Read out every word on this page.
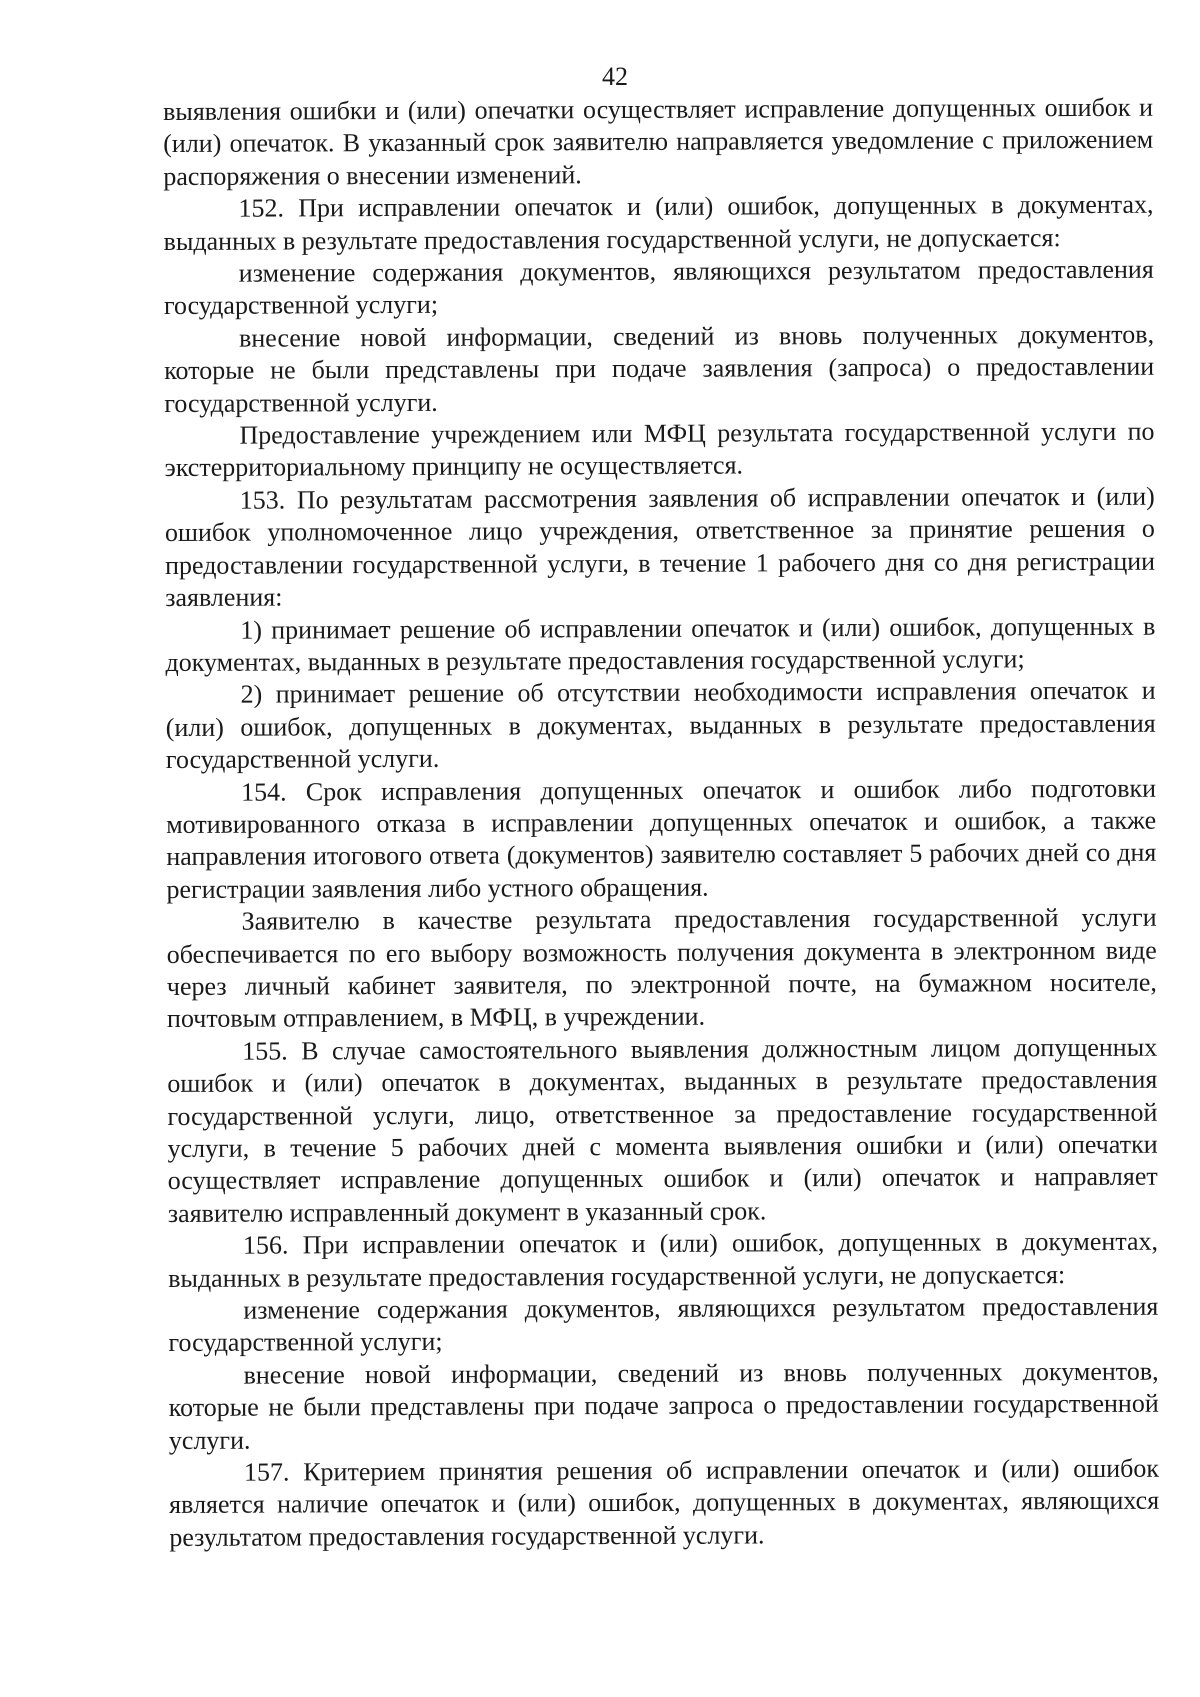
42

выявления ошибки и (или) опечатки осуществляет исправление допущенных ошибок и (или) опечаток. В указанный срок заявителю направляется уведомление с приложением распоряжения о внесении изменений.

152. При исправлении опечаток и (или) ошибок, допущенных в документах, выданных в результате предоставления государственной услуги, не допускается:

изменение содержания документов, являющихся результатом предоставления государственной услуги;

внесение новой информации, сведений из вновь полученных документов, которые не были представлены при подаче заявления (запроса) о предоставлении государственной услуги.

Предоставление учреждением или МФЦ результата государственной услуги по экстерриториальному принципу не осуществляется.

153. По результатам рассмотрения заявления об исправлении опечаток и (или) ошибок уполномоченное лицо учреждения, ответственное за принятие решения о предоставлении государственной услуги, в течение 1 рабочего дня со дня регистрации заявления:

1) принимает решение об исправлении опечаток и (или) ошибок, допущенных в документах, выданных в результате предоставления государственной услуги;

2) принимает решение об отсутствии необходимости исправления опечаток и (или) ошибок, допущенных в документах, выданных в результате предоставления государственной услуги.

154. Срок исправления допущенных опечаток и ошибок либо подготовки мотивированного отказа в исправлении допущенных опечаток и ошибок, а также направления итогового ответа (документов) заявителю составляет 5 рабочих дней со дня регистрации заявления либо устного обращения.

Заявителю в качестве результата предоставления государственной услуги обеспечивается по его выбору возможность получения документа в электронном виде через личный кабинет заявителя, по электронной почте, на бумажном носителе, почтовым отправлением, в МФЦ, в учреждении.

155. В случае самостоятельного выявления должностным лицом допущенных ошибок и (или) опечаток в документах, выданных в результате предоставления государственной услуги, лицо, ответственное за предоставление государственной услуги, в течение 5 рабочих дней с момента выявления ошибки и (или) опечатки осуществляет исправление допущенных ошибок и (или) опечаток и направляет заявителю исправленный документ в указанный срок.

156. При исправлении опечаток и (или) ошибок, допущенных в документах, выданных в результате предоставления государственной услуги, не допускается:

изменение содержания документов, являющихся результатом предоставления государственной услуги;

внесение новой информации, сведений из вновь полученных документов, которые не были представлены при подаче запроса о предоставлении государственной услуги.

157. Критерием принятия решения об исправлении опечаток и (или) ошибок является наличие опечаток и (или) ошибок, допущенных в документах, являющихся результатом предоставления государственной услуги.
